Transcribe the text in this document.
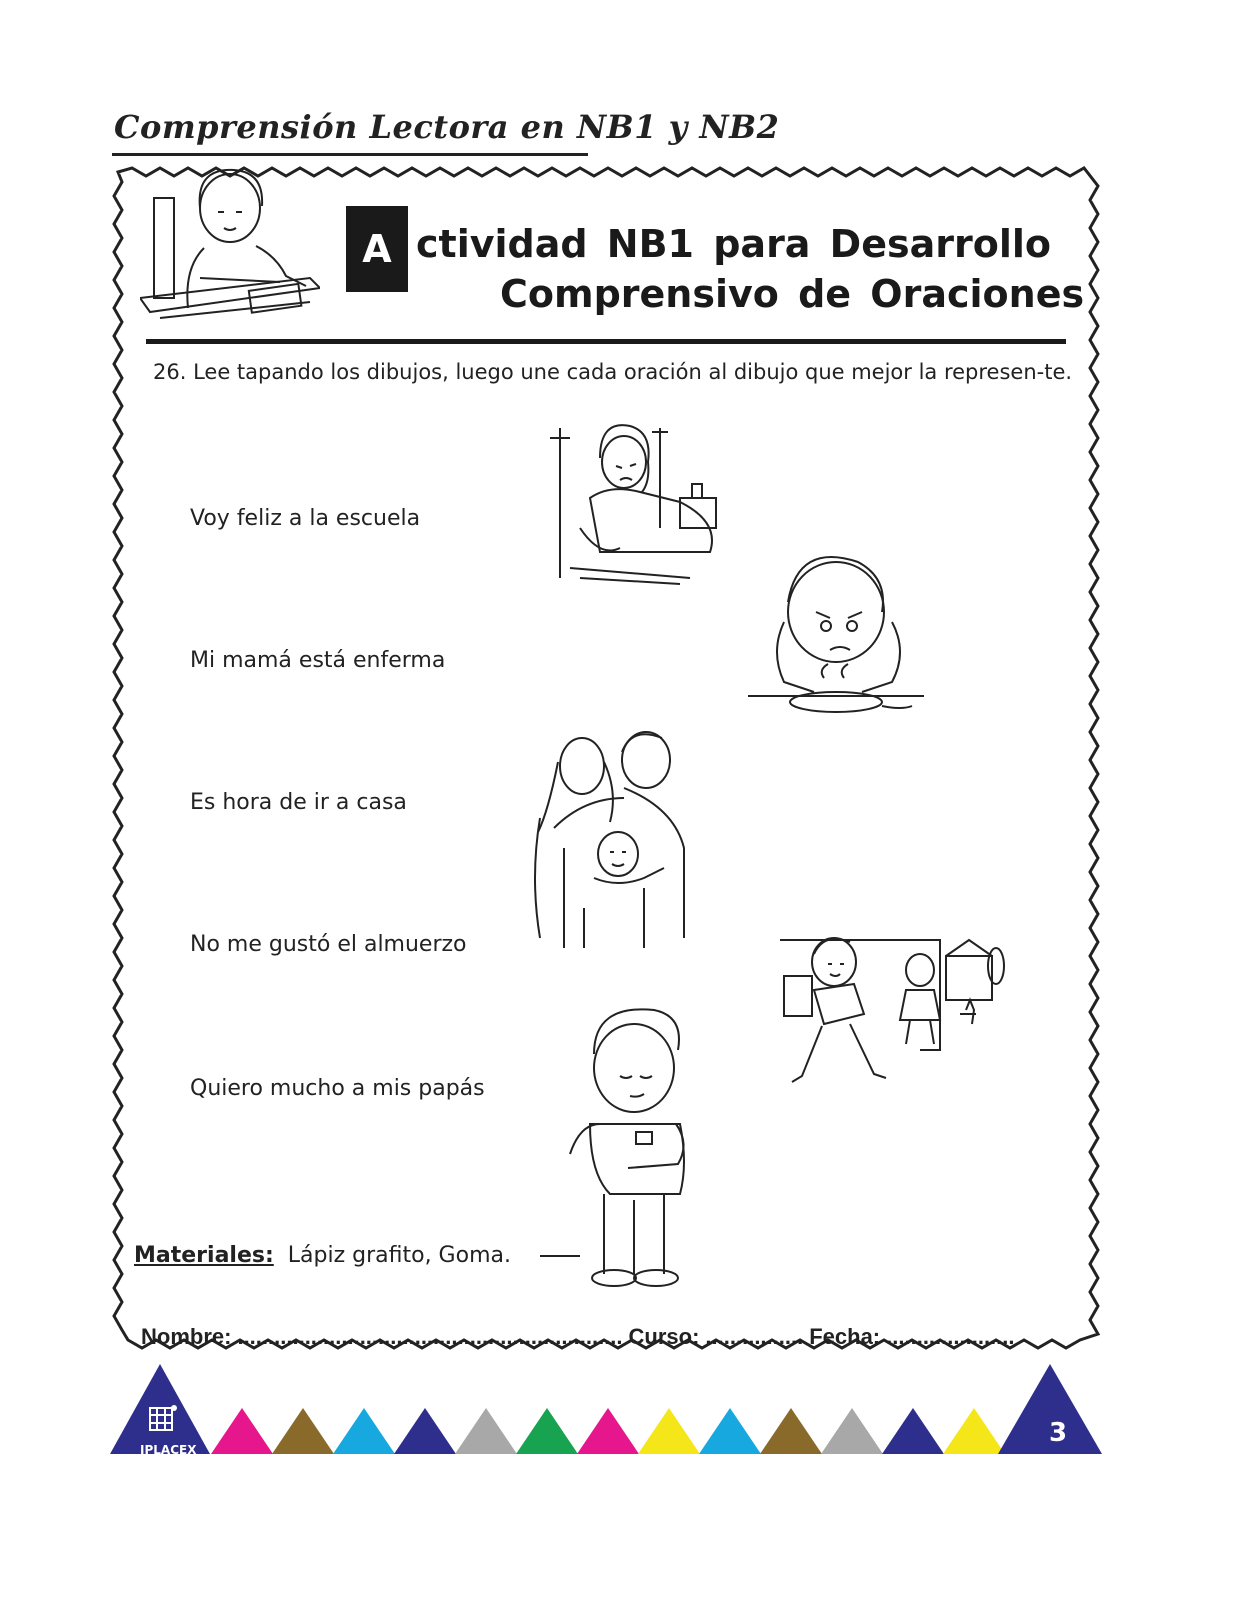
Comprensión Lectora en NB1 y NB2
A ctividad NB1 para Desarrollo
Comprensivo de Oraciones
26. Lee tapando los dibujos, luego une cada oración al dibujo que mejor la represen-te.
Voy feliz a la escuela
Mi mamá está enferma
Es hora de ir a casa
No me gustó el almuerzo
Quiero mucho a mis papás
Materiales: Lápiz grafito, Goma.
Nombre: ............................................................... Curso: ................ Fecha: .....................
IPLACEX
3
